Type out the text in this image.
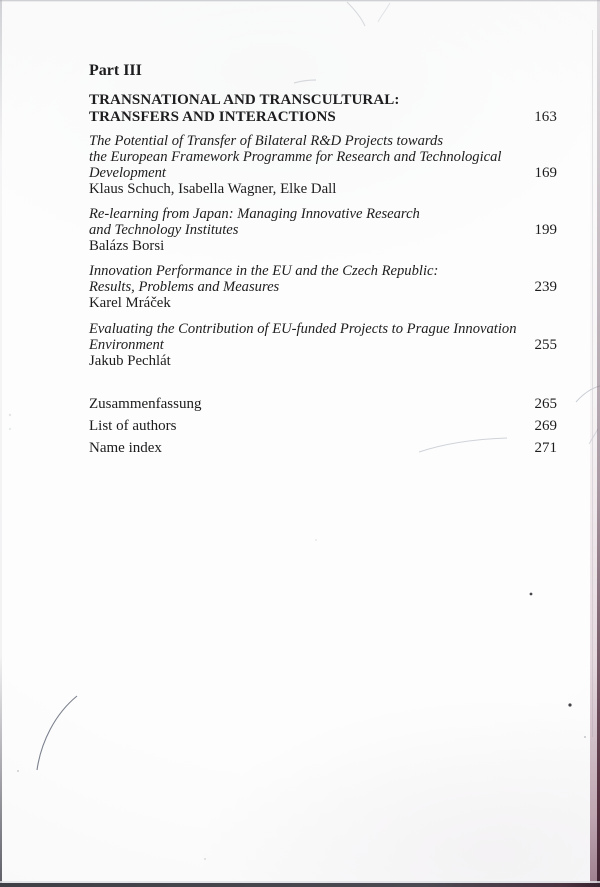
Part III
TRANSNATIONAL AND TRANSCULTURAL:
TRANSFERS AND INTERACTIONS	163
The Potential of Transfer of Bilateral R&D Projects towards
the European Framework Programme for Research and Technological
Development	169
Klaus Schuch, Isabella Wagner, Elke Dall
Re-learning from Japan: Managing Innovative Research
and Technology Institutes	199
Balázs Borsi
Innovation Performance in the EU and the Czech Republic:
Results, Problems and Measures	239
Karel Mráček
Evaluating the Contribution of EU-funded Projects to Prague Innovation
Environment	255
Jakub Pechlát
Zusammenfassung	265
List of authors	269
Name index	271
